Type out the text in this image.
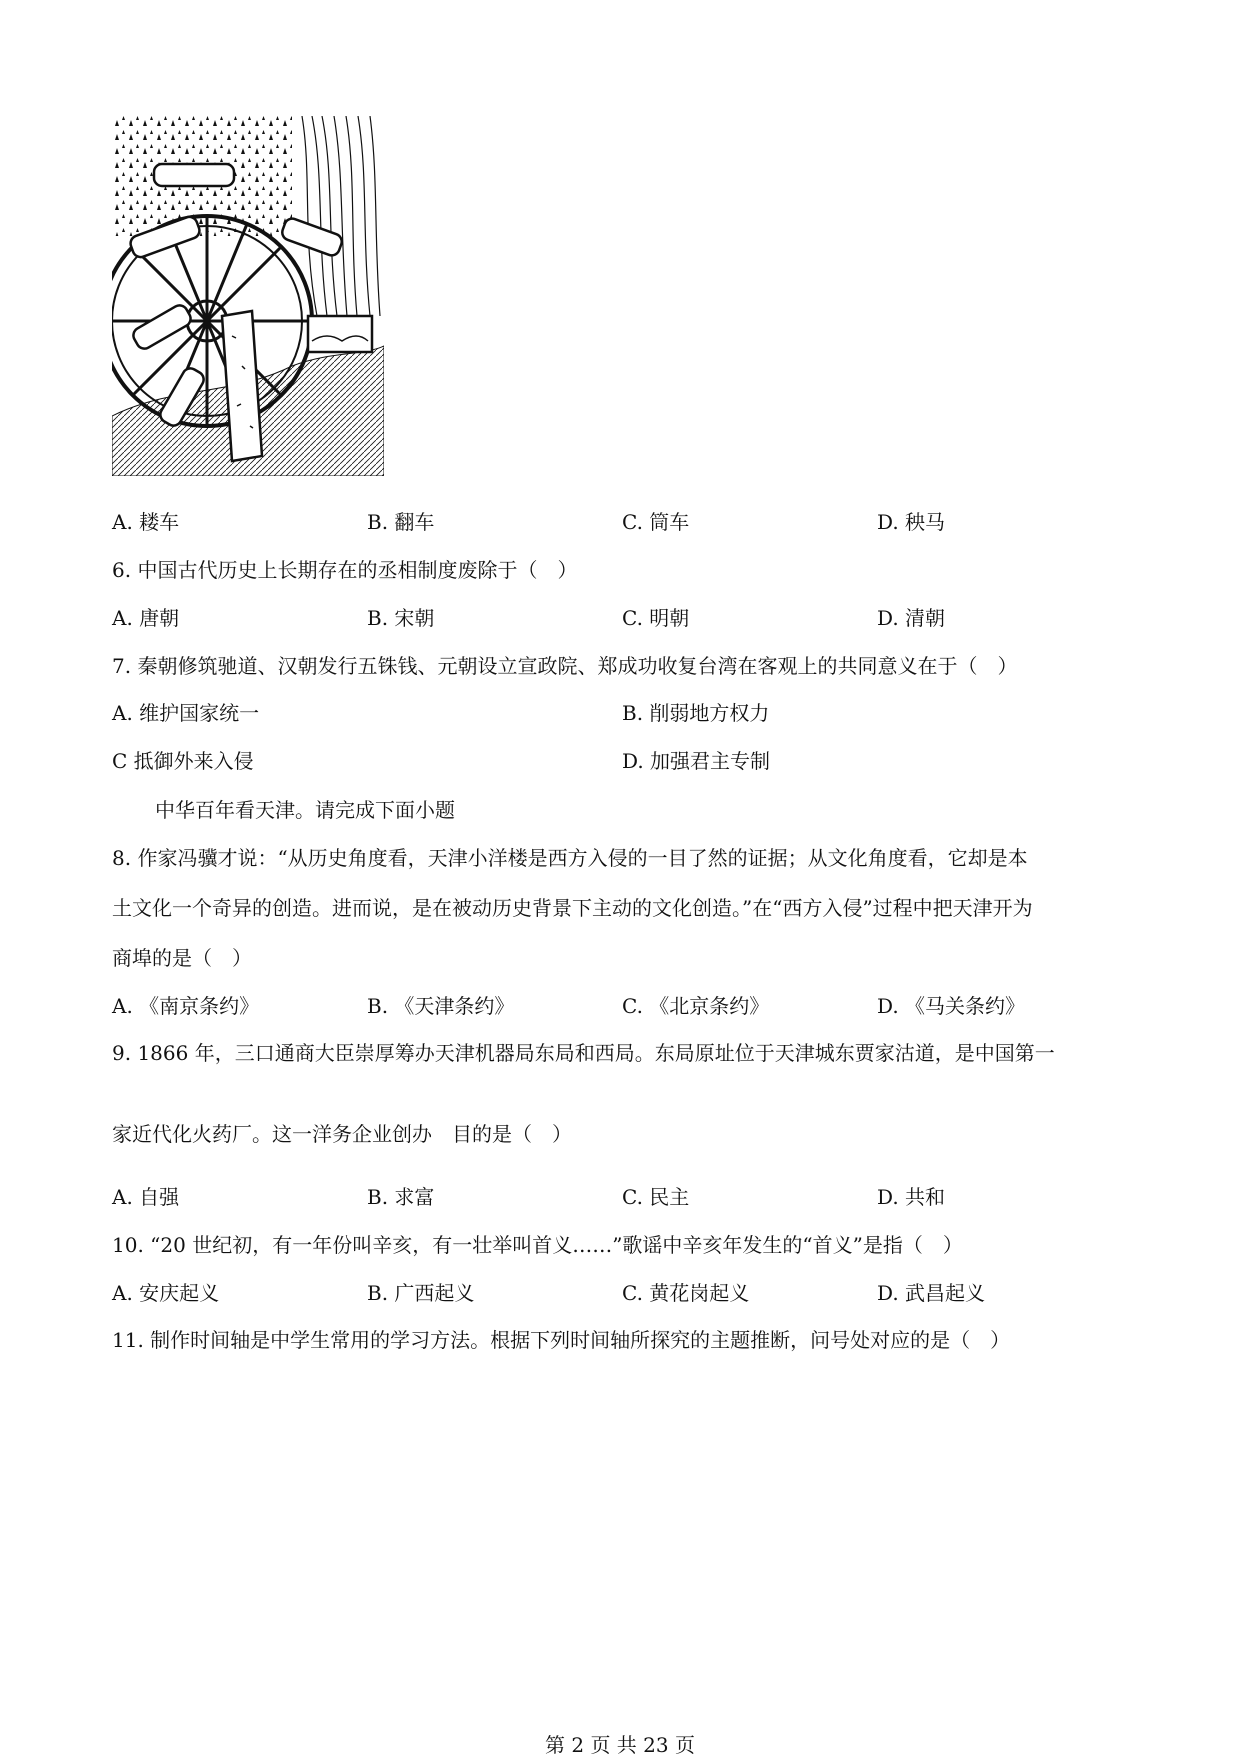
A. 耧车	B. 翻车	C. 筒车	D. 秧马
6. 中国古代历史上长期存在的丞相制度废除于（　）
A. 唐朝	B. 宋朝	C. 明朝	D. 清朝
7. 秦朝修筑驰道、汉朝发行五铢钱、元朝设立宣政院、郑成功收复台湾在客观上的共同意义在于（　）
A. 维护国家统一	B. 削弱地方权力
C 抵御外来入侵	D. 加强君主专制
中华百年看天津。请完成下面小题
8. 作家冯骥才说：“从历史角度看，天津小洋楼是西方入侵的一目了然的证据；从文化角度看，它却是本
土文化一个奇异的创造。进而说，是在被动历史背景下主动的文化创造。”在“西方入侵”过程中把天津开为
商埠的是（　）
A. 《南京条约》	B. 《天津条约》	C. 《北京条约》	D. 《马关条约》
9. 1866 年，三口通商大臣崇厚筹办天津机器局东局和西局。东局原址位于天津城东贾家沽道，是中国第一
家近代化火药厂。这一洋务企业创办　目的是（　）
A. 自强	B. 求富	C. 民主	D. 共和
10. “20 世纪初，有一年份叫辛亥，有一壮举叫首义……”歌谣中辛亥年发生的“首义”是指（　）
A. 安庆起义	B. 广西起义	C. 黄花岗起义	D. 武昌起义
11. 制作时间轴是中学生常用的学习方法。根据下列时间轴所探究的主题推断，问号处对应的是（　）
第 2 页 共 23 页
